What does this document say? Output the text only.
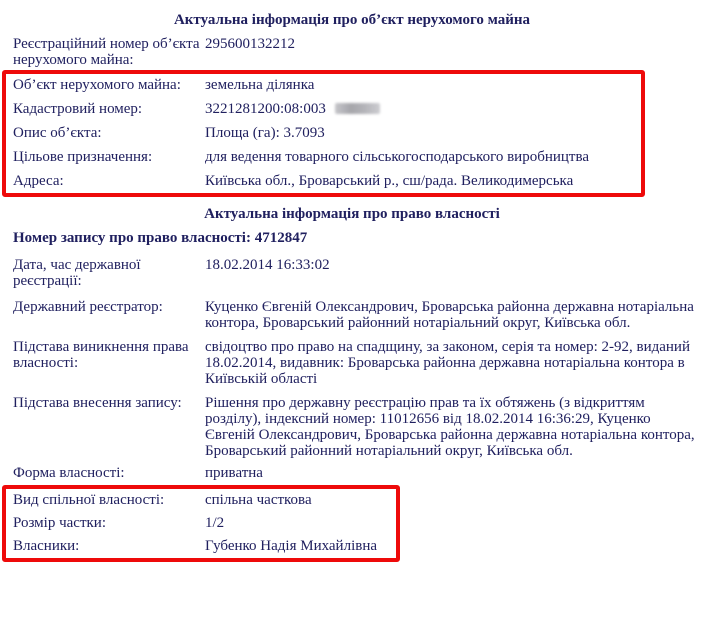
Актуальна інформація про об’єкт нерухомого майна
Реєстраційний номер об’єкта нерухомого майна:
295600132212
Об’єкт нерухомого майна:	земельна ділянка
Кадастровий номер:	3221281200:08:003
Опис об’єкта:	Площа (га): 3.7093
Цільове призначення:	для ведення товарного сільськогосподарського виробництва
Адреса:	Київська обл., Броварський р., сш/рада. Великодимерська
Актуальна інформація про право власності
Номер запису про право власності: 4712847
Дата, час державної реєстрації:
18.02.2014 16:33:02
Державний реєстратор:	Куценко Євгеній Олександрович, Броварська районна державна нотаріальна контора, Броварський районний нотаріальний округ, Київська обл.
Підстава виникнення права власності:
свідоцтво про право на спадщину, за законом, серія та номер: 2-92, виданий 18.02.2014, видавник: Броварська районна державна нотаріальна контора в Київській області
Підстава внесення запису:	Рішення про державну реєстрацію прав та їх обтяжень (з відкриттям розділу), індексний номер: 11012656 від 18.02.2014 16:36:29, Куценко Євгеній Олександрович, Броварська районна державна нотаріальна контора, Броварський районний нотаріальний округ, Київська обл.
Форма власності:	приватна
Вид спільної власності:	спільна часткова
Розмір частки:	1/2
Власники:	Губенко Надія Михайлівна
